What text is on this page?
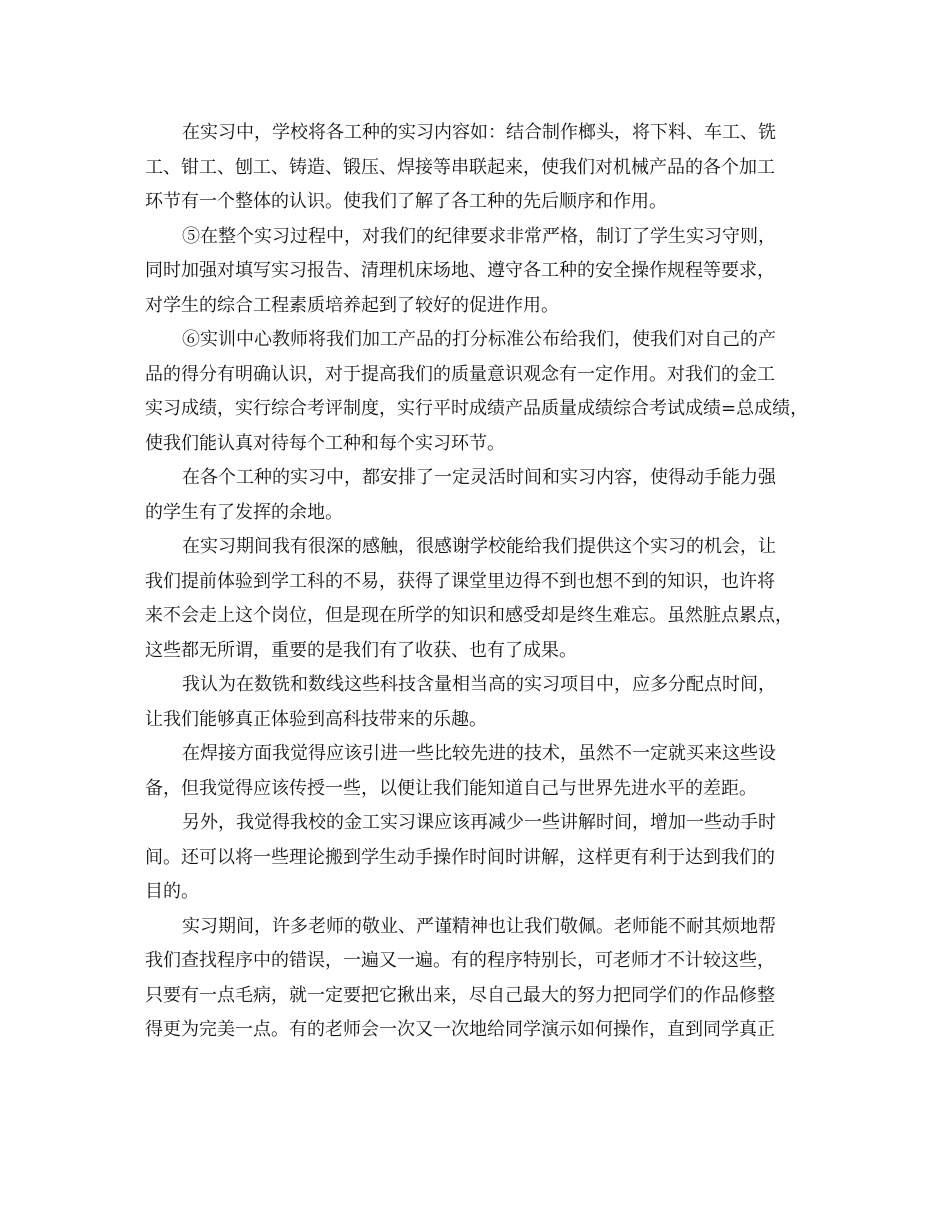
在实习中，学校将各工种的实习内容如：结合制作榔头，将下料、车工、铣
工、钳工、刨工、铸造、锻压、焊接等串联起来，使我们对机械产品的各个加工
环节有一个整体的认识。使我们了解了各工种的先后顺序和作用。
⑤在整个实习过程中，对我们的纪律要求非常严格，制订了学生实习守则，
同时加强对填写实习报告、清理机床场地、遵守各工种的安全操作规程等要求，
对学生的综合工程素质培养起到了较好的促进作用。
⑥实训中心教师将我们加工产品的打分标准公布给我们，使我们对自己的产
品的得分有明确认识，对于提高我们的质量意识观念有一定作用。对我们的金工
实习成绩，实行综合考评制度，实行平时成绩产品质量成绩综合考试成绩=总成绩，
使我们能认真对待每个工种和每个实习环节。
在各个工种的实习中，都安排了一定灵活时间和实习内容，使得动手能力强
的学生有了发挥的余地。
在实习期间我有很深的感触，很感谢学校能给我们提供这个实习的机会，让
我们提前体验到学工科的不易，获得了课堂里边得不到也想不到的知识，也许将
来不会走上这个岗位，但是现在所学的知识和感受却是终生难忘。虽然脏点累点，
这些都无所谓，重要的是我们有了收获、也有了成果。
我认为在数铣和数线这些科技含量相当高的实习项目中，应多分配点时间，
让我们能够真正体验到高科技带来的乐趣。
在焊接方面我觉得应该引进一些比较先进的技术，虽然不一定就买来这些设
备，但我觉得应该传授一些，以便让我们能知道自己与世界先进水平的差距。
另外，我觉得我校的金工实习课应该再减少一些讲解时间，增加一些动手时
间。还可以将一些理论搬到学生动手操作时间时讲解，这样更有利于达到我们的
目的。
实习期间，许多老师的敬业、严谨精神也让我们敬佩。老师能不耐其烦地帮
我们查找程序中的错误，一遍又一遍。有的程序特别长，可老师才不计较这些，
只要有一点毛病，就一定要把它揪出来，尽自己最大的努力把同学们的作品修整
得更为完美一点。有的老师会一次又一次地给同学演示如何操作，直到同学真正
